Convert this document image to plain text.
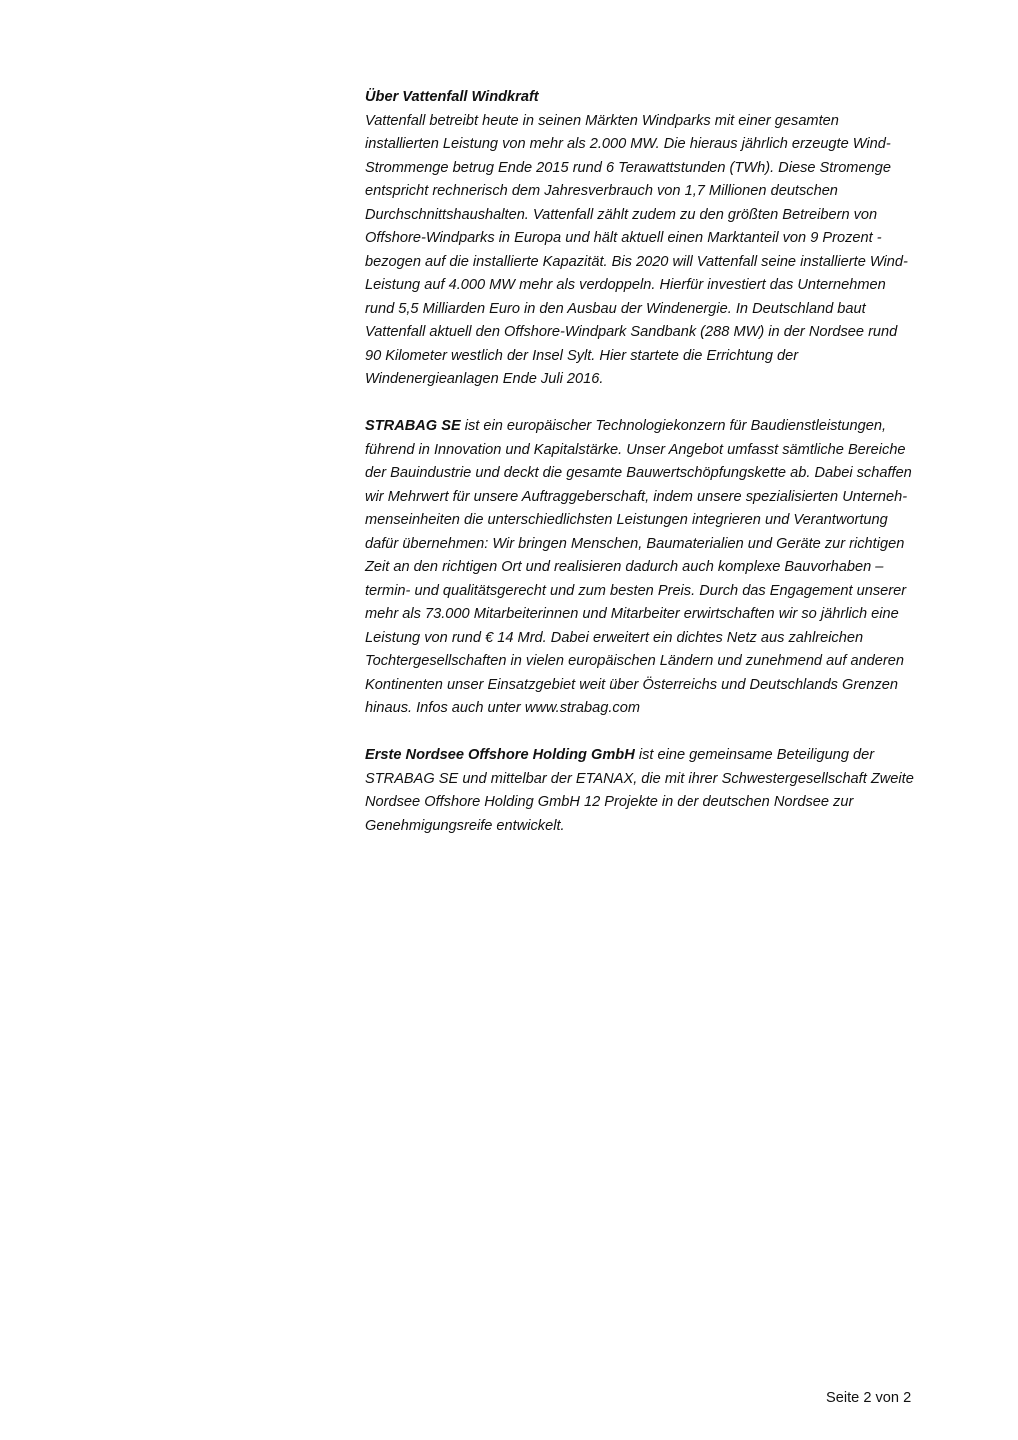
Über Vattenfall Windkraft
Vattenfall betreibt heute in seinen Märkten Windparks mit einer gesamten
installierten Leistung von mehr als 2.000 MW. Die hieraus jährlich erzeugte Wind-
Strommenge betrug Ende 2015 rund 6 Terawattstunden (TWh). Diese Stromenge
entspricht rechnerisch dem Jahresverbrauch von 1,7 Millionen deutschen
Durchschnittshaushalten. Vattenfall zählt zudem zu den größten Betreibern von
Offshore-Windparks in Europa und hält aktuell einen Marktanteil von 9 Prozent -
bezogen auf die installierte Kapazität. Bis 2020 will Vattenfall seine installierte Wind-
Leistung auf 4.000 MW mehr als verdoppeln. Hierfür investiert das Unternehmen
rund 5,5 Milliarden Euro in den Ausbau der Windenergie. In Deutschland baut
Vattenfall aktuell den Offshore-Windpark Sandbank (288 MW) in der Nordsee rund
90 Kilometer westlich der Insel Sylt. Hier startete die Errichtung der
Windenergieanlagen Ende Juli 2016.
STRABAG SE ist ein europäischer Technologiekonzern für Baudienstleistungen,
führend in Innovation und Kapitalstärke. Unser Angebot umfasst sämtliche Bereiche
der Bauindustrie und deckt die gesamte Bauwertschöpfungskette ab. Dabei schaffen
wir Mehrwert für unsere Auftraggeberschaft, indem unsere spezialisierten Unterneh-
menseinheiten die unterschiedlichsten Leistungen integrieren und Verantwortung
dafür übernehmen: Wir bringen Menschen, Baumaterialien und Geräte zur richtigen
Zeit an den richtigen Ort und realisieren dadurch auch komplexe Bauvorhaben –
termin- und qualitätsgerecht und zum besten Preis. Durch das Engagement unserer
mehr als 73.000 Mitarbeiterinnen und Mitarbeiter erwirtschaften wir so jährlich eine
Leistung von rund € 14 Mrd. Dabei erweitert ein dichtes Netz aus zahlreichen
Tochtergesellschaften in vielen europäischen Ländern und zunehmend auf anderen
Kontinenten unser Einsatzgebiet weit über Österreichs und Deutschlands Grenzen
hinaus. Infos auch unter www.strabag.com
Erste Nordsee Offshore Holding GmbH ist eine gemeinsame Beteiligung der
STRABAG SE und mittelbar der ETANAX, die mit ihrer Schwestergesellschaft Zweite
Nordsee Offshore Holding GmbH 12 Projekte in der deutschen Nordsee zur
Genehmigungsreife entwickelt.
Seite 2 von 2
